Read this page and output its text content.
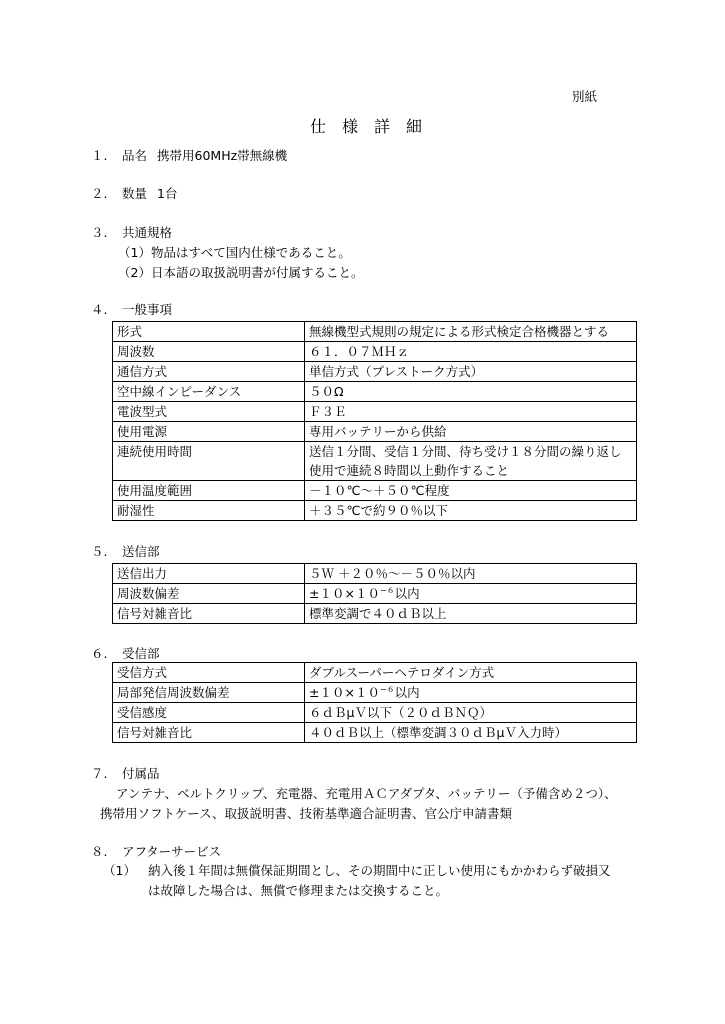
別紙
仕様詳細
１. 品名 携帯用60MHz帯無線機
２. 数量 1台
３. 共通規格
（1）物品はすべて国内仕様であること。
（2）日本語の取扱説明書が付属すること。
４. 一般事項
形式	無線機型式規則の規定による形式検定合格機器とする
周波数	６１．０７ＭＨｚ
通信方式	単信方式（プレストーク方式）
空中線インピーダンス	５０Ω
電波型式	Ｆ３Ｅ
使用電源	専用バッテリーから供給
連続使用時間	送信１分間、受信１分間、待ち受け１８分間の繰り返し使用で連続８時間以上動作すること
使用温度範囲	－１０℃～＋５０℃程度
耐湿性	＋３５℃で約９０％以下
５. 送信部
送信出力	５Ｗ ＋２０％～－５０％以内
周波数偏差	$\pm 10\times 10^{-6}$以内
信号対雑音比	標準変調で４０ｄＢ以上
６. 受信部
受信方式	ダブルスーパーヘテロダイン方式
局部発信周波数偏差	$\pm 10\times 10^{-6}$以内
受信感度	６ｄＢμＶ以下（２０ｄＢＮＱ）
信号対雑音比	４０ｄＢ以上（標準変調３０ｄＢμＶ入力時）
７. 付属品
アンテナ、ベルトクリップ、充電器、充電用ＡＣアダプタ、バッテリー（予備含め２つ）、
携帯用ソフトケース、取扱説明書、技術基準適合証明書、官公庁申請書類
８. アフターサービス
（1） 納入後１年間は無償保証期間とし、その期間中に正しい使用にもかかわらず破損又
は故障した場合は、無償で修理または交換すること。
